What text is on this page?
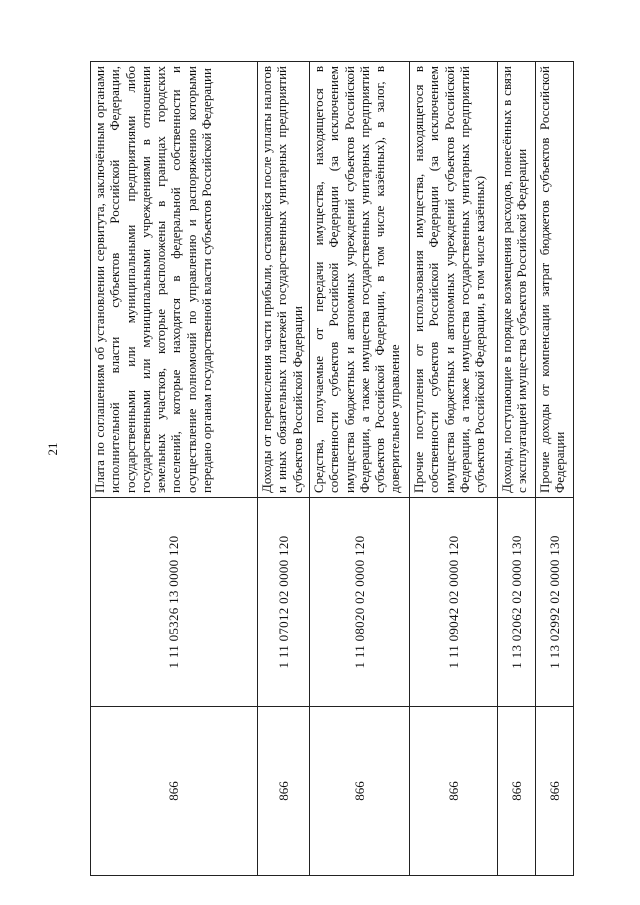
21
866	1 11 05326 13 0000 120	Плата по соглашениям об установлении сервитута, заключённым органами исполнительной власти субъектов Российской Федерации, государственными или муниципальными предприятиями либо государственными или муниципальными учреждениями в отношении земельных участков, которые расположены в границах городских поселений, которые находятся в федеральной собственности и осуществление полномочий по управлению и распоряжению которыми передано органам государственной власти субъектов Российской Федерации
866	1 11 07012 02 0000 120	Доходы от перечисления части прибыли, остающейся после уплаты налогов и иных обязательных платежей государственных унитарных предприятий субъектов Российской Федерации
866	1 11 08020 02 0000 120	Средства, получаемые от передачи имущества, находящегося в собственности субъектов Российской Федерации (за исключением имущества бюджетных и автономных учреждений субъектов Российской Федерации, а также имущества государственных унитарных предприятий субъектов Российской Федерации, в том числе казённых), в залог, в доверительное управление
866	1 11 09042 02 0000 120	Прочие поступления от использования имущества, находящегося в собственности субъектов Российской Федерации (за исключением имущества бюджетных и автономных учреждений субъектов Российской Федерации, а также имущества государственных унитарных предприятий субъектов Российской Федерации, в том числе казённых)
866	1 13 02062 02 0000 130	Доходы, поступающие в порядке возмещения расходов, понесённых в связи с эксплуатацией имущества субъектов Российской Федерации
866	1 13 02992 02 0000 130	Прочие доходы от компенсации затрат бюджетов субъектов Российской Федерации
